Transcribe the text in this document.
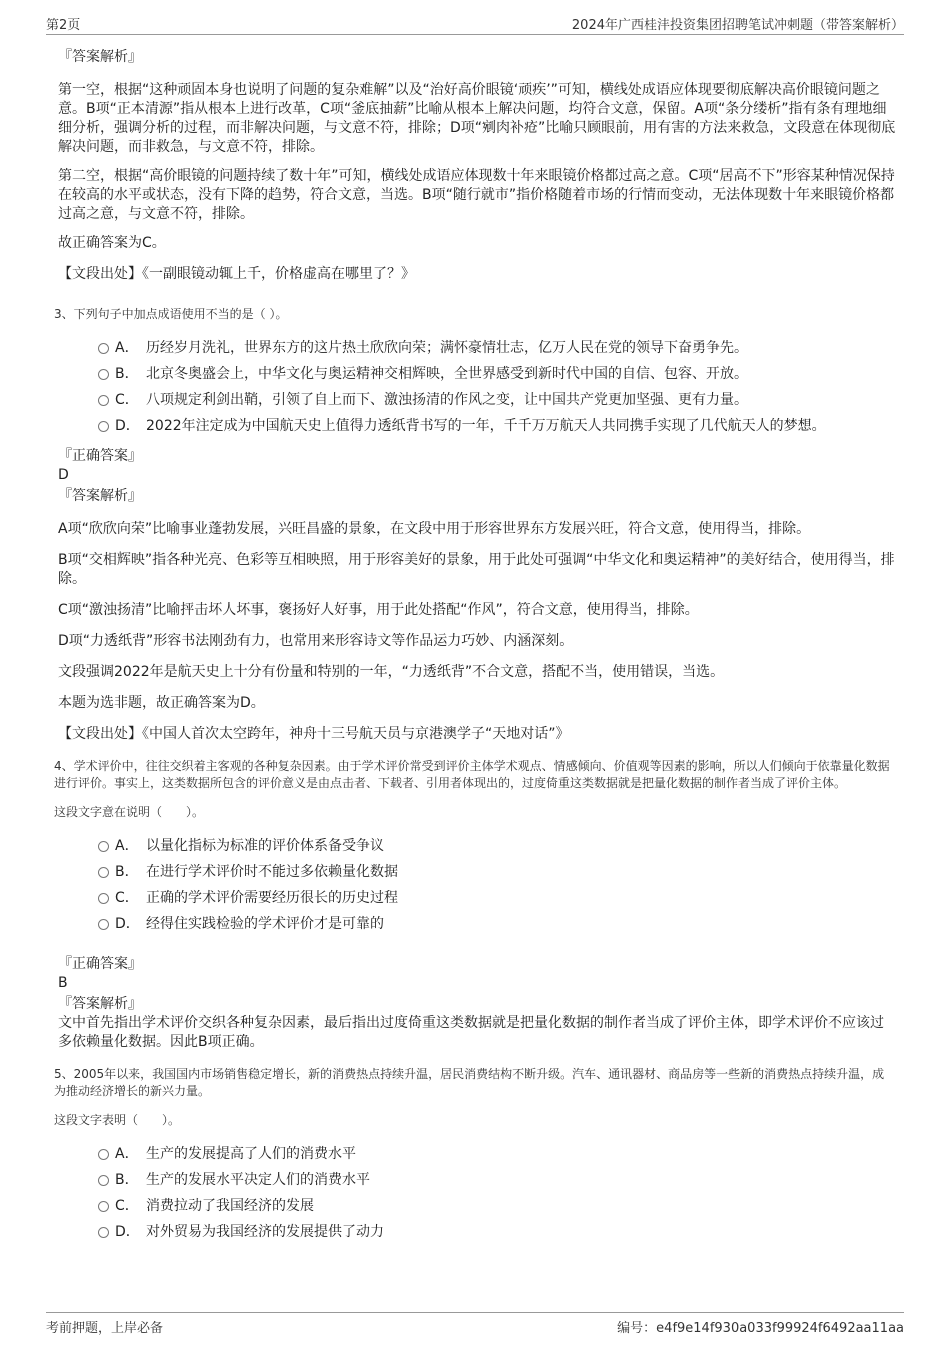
第2页	2024年广西桂沣投资集团招聘笔试冲刺题（带答案解析）
『答案解析』

第一空，根据“这种顽固本身也说明了问题的复杂难解”以及“治好高价眼镜‘顽疾’”可知，横线处成语应体现要彻底解决高价眼镜问题之意。B项“正本清源”指从根本上进行改革，C项“釜底抽薪”比喻从根本上解决问题，均符合文意，保留。A项“条分缕析”指有条有理地细细分析，强调分析的过程，而非解决问题，与文意不符，排除；D项“剜肉补疮”比喻只顾眼前，用有害的方法来救急，文段意在体现彻底解决问题，而非救急，与文意不符，排除。

第二空，根据“高价眼镜的问题持续了数十年”可知，横线处成语应体现数十年来眼镜价格都过高之意。C项“居高不下”形容某种情况保持在较高的水平或状态，没有下降的趋势，符合文意，当选。B项“随行就市”指价格随着市场的行情而变动，无法体现数十年来眼镜价格都过高之意，与文意不符，排除。

故正确答案为C。

【文段出处】《一副眼镜动辄上千，价格虚高在哪里了？》

3、下列句子中加点成语使用不当的是（ ）。

A． 历经岁月洗礼，世界东方的这片热土欣欣向荣；满怀豪情壮志，亿万人民在党的领导下奋勇争先。
B． 北京冬奥盛会上，中华文化与奥运精神交相辉映，全世界感受到新时代中国的自信、包容、开放。
C． 八项规定利剑出鞘，引领了自上而下、激浊扬清的作风之变，让中国共产党更加坚强、更有力量。
D． 2022年注定成为中国航天史上值得力透纸背书写的一年，千千万万航天人共同携手实现了几代航天人的梦想。
『正确答案』
D
『答案解析』

A项“欣欣向荣”比喻事业蓬勃发展，兴旺昌盛的景象，在文段中用于形容世界东方发展兴旺，符合文意，使用得当，排除。

B项“交相辉映”指各种光亮、色彩等互相映照，用于形容美好的景象，用于此处可强调“中华文化和奥运精神”的美好结合，使用得当，排除。

C项“激浊扬清”比喻抨击坏人坏事，褒扬好人好事，用于此处搭配“作风”，符合文意，使用得当，排除。

D项“力透纸背”形容书法刚劲有力，也常用来形容诗文等作品运力巧妙、内涵深刻。

文段强调2022年是航天史上十分有份量和特别的一年，“力透纸背”不合文意，搭配不当，使用错误，当选。

本题为选非题，故正确答案为D。

【文段出处】《中国人首次太空跨年，神舟十三号航天员与京港澳学子“天地对话”》

4、学术评价中，往往交织着主客观的各种复杂因素。由于学术评价常受到评价主体学术观点、情感倾向、价值观等因素的影响，所以人们倾向于依靠量化数据进行评价。事实上，这类数据所包含的评价意义是由点击者、下载者、引用者体现出的，过度倚重这类数据就是把量化数据的制作者当成了评价主体。

这段文字意在说明（　　）。

A． 以量化指标为标准的评价体系备受争议
B． 在进行学术评价时不能过多依赖量化数据
C． 正确的学术评价需要经历很长的历史过程
D． 经得住实践检验的学术评价才是可靠的
『正确答案』
B
『答案解析』

文中首先指出学术评价交织各种复杂因素，最后指出过度倚重这类数据就是把量化数据的制作者当成了评价主体，即学术评价不应该过多依赖量化数据。因此B项正确。

5、2005年以来，我国国内市场销售稳定增长，新的消费热点持续升温，居民消费结构不断升级。汽车、通讯器材、商品房等一些新的消费热点持续升温，成为推动经济增长的新兴力量。

这段文字表明（　　）。

A． 生产的发展提高了人们的消费水平
B． 生产的发展水平决定人们的消费水平
C． 消费拉动了我国经济的发展
D． 对外贸易为我国经济的发展提供了动力
考前押题，上岸必备	编号：e4f9e14f930a033f99924f6492aa11aa
